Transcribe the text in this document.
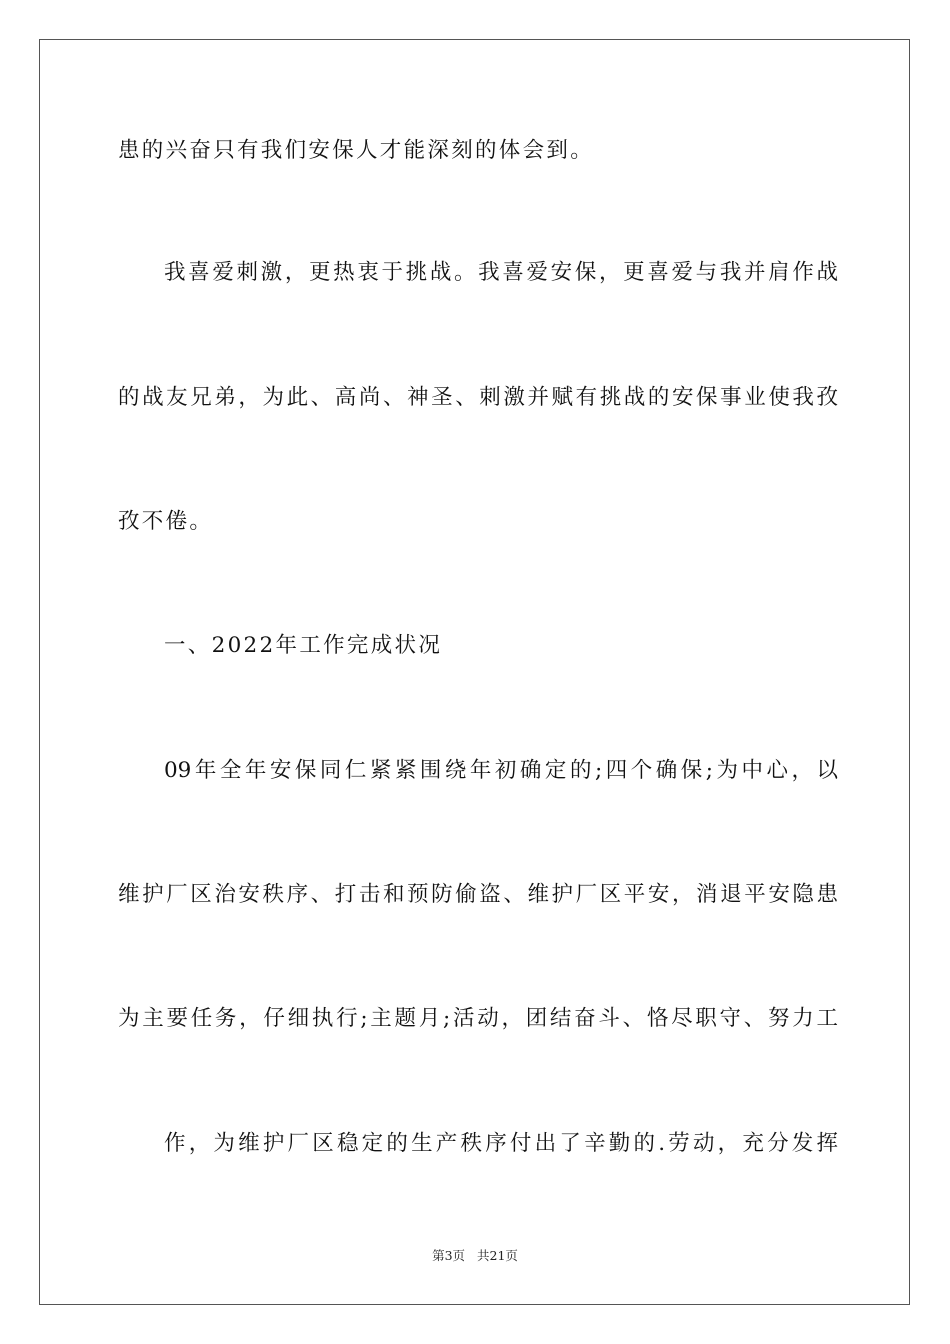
患的兴奋只有我们安保人才能深刻的体会到。
我喜爱刺激，更热衷于挑战。我喜爱安保，更喜爱与我并肩作战
的战友兄弟，为此、高尚、神圣、刺激并赋有挑战的安保事业使我孜
孜不倦。
一、2022年工作完成状况
09年全年安保同仁紧紧围绕年初确定的;四个确保;为中心，以
维护厂区治安秩序、打击和预防偷盗、维护厂区平安，消退平安隐患
为主要任务，仔细执行;主题月;活动，团结奋斗、恪尽职守、努力工
作，为维护厂区稳定的生产秩序付出了辛勤的.劳动，充分发挥
第3页 共21页
